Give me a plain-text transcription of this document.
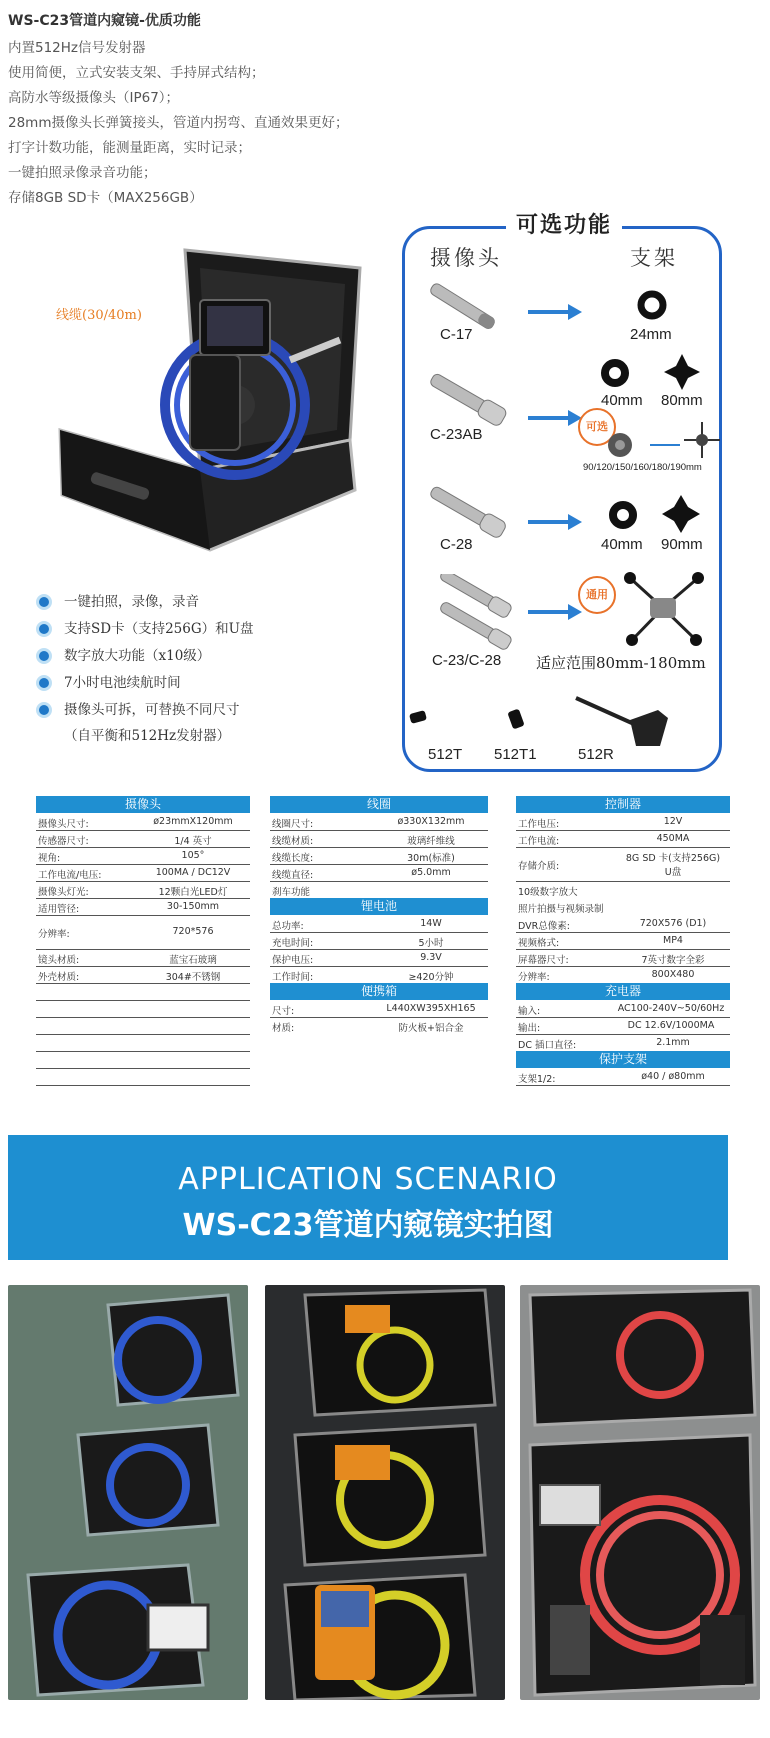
WS-C23管道内窥镜-优质功能
内置512Hz信号发射器
使用简便，立式安装支架、手持屏式结构；
高防水等级摄像头（IP67）；
28mm摄像头长弹簧接头，管道内拐弯、直通效果更好；
打字计数功能，能测量距离，实时记录；
一键拍照录像录音功能；
存储8GB SD卡（MAX256GB）
线缆(30/40m)
一键拍照，录像，录音
支持SD卡（支持256G）和U盘
数字放大功能（x10级）
7小时电池续航时间
摄像头可拆，可替换不同尺寸
（自平衡和512Hz发射器）
可选功能
摄像头	支架
C-17	24mm
C-23AB
40mm 80mm
可选
90/120/150/160/180/190mm
C-28	40mm 90mm
C-23/C-28
通用
适应范围80mm-180mm
512T 512T1	512R
摄像头
摄像头尺寸:	ø23mmX120mm
传感器尺寸:	1/4 英寸
视角:	105°
工作电流/电压:	100MA / DC12V
摄像头灯光:	12颗白光LED灯
适用管径:	30-150mm
分辨率:	720*576
镜头材质:	蓝宝石玻璃
外壳材质:	304#不锈钢
线圈
线圈尺寸:	ø330X132mm
线缆材质:	玻璃纤维线
线缆长度:	30m(标准)
线缆直径:	ø5.0mm
刹车功能
锂电池
总功率:	14W
充电时间:	5小时
保护电压:	9.3V
工作时间:	≥420分钟
便携箱
尺寸:	L440XW395XH165
材质:	防火板+铝合金
控制器
工作电压:	12V
工作电流:	450MA
存储介质:
8G SD 卡(支持256G)
U盘
10级数字放大
照片拍摄与视频录制
DVR总像素:	720X576 (D1)
视频格式:	MP4
屏幕器尺寸:	7英寸数字全彩
分辨率:	800X480
充电器
输入:	AC100-240V~50/60Hz
输出:	DC 12.6V/1000MA
DC 插口直径:	2.1mm
保护支架
支架1/2:	ø40 / ø80mm
APPLICATION SCENARIO
WS-C23管道内窥镜实拍图
